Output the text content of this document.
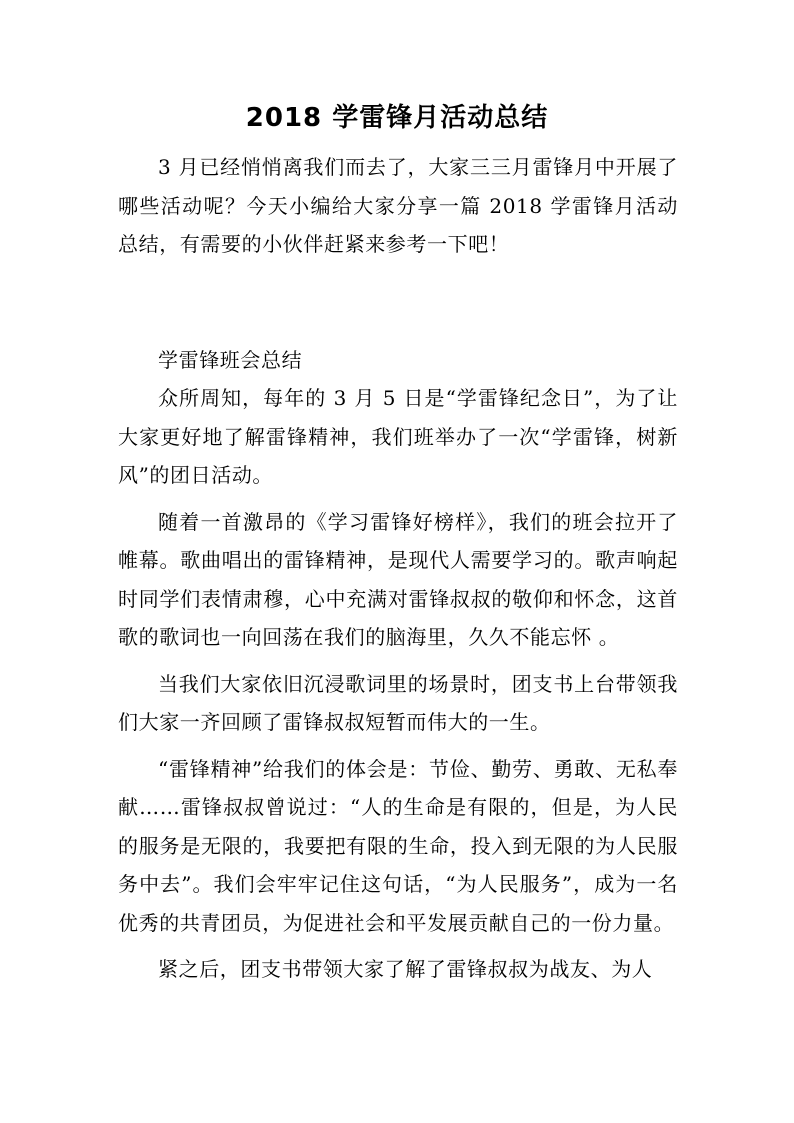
2018 学雷锋月活动总结

3 月已经悄悄离我们而去了，大家三三月雷锋月中开展了哪些活动呢？今天小编给大家分享一篇 2018 学雷锋月活动总结，有需要的小伙伴赶紧来参考一下吧！

学雷锋班会总结

众所周知，每年的 3 月 5 日是“学雷锋纪念日”，为了让大家更好地了解雷锋精神，我们班举办了一次“学雷锋，树新风”的团日活动。

随着一首激昂的《学习雷锋好榜样》，我们的班会拉开了帷幕。歌曲唱出的雷锋精神，是现代人需要学习的。歌声响起时同学们表情肃穆，心中充满对雷锋叔叔的敬仰和怀念，这首歌的歌词也一向回荡在我们的脑海里，久久不能忘怀 。

当我们大家依旧沉浸歌词里的场景时，团支书上台带领我们大家一齐回顾了雷锋叔叔短暂而伟大的一生。

“雷锋精神”给我们的体会是：节俭、勤劳、勇敢、无私奉献……雷锋叔叔曾说过：“人的生命是有限的，但是，为人民的服务是无限的，我要把有限的生命，投入到无限的为人民服务中去”。我们会牢牢记住这句话，“为人民服务”，成为一名优秀的共青团员，为促进社会和平发展贡献自己的一份力量。

紧之后，团支书带领大家了解了雷锋叔叔为战友、为人
